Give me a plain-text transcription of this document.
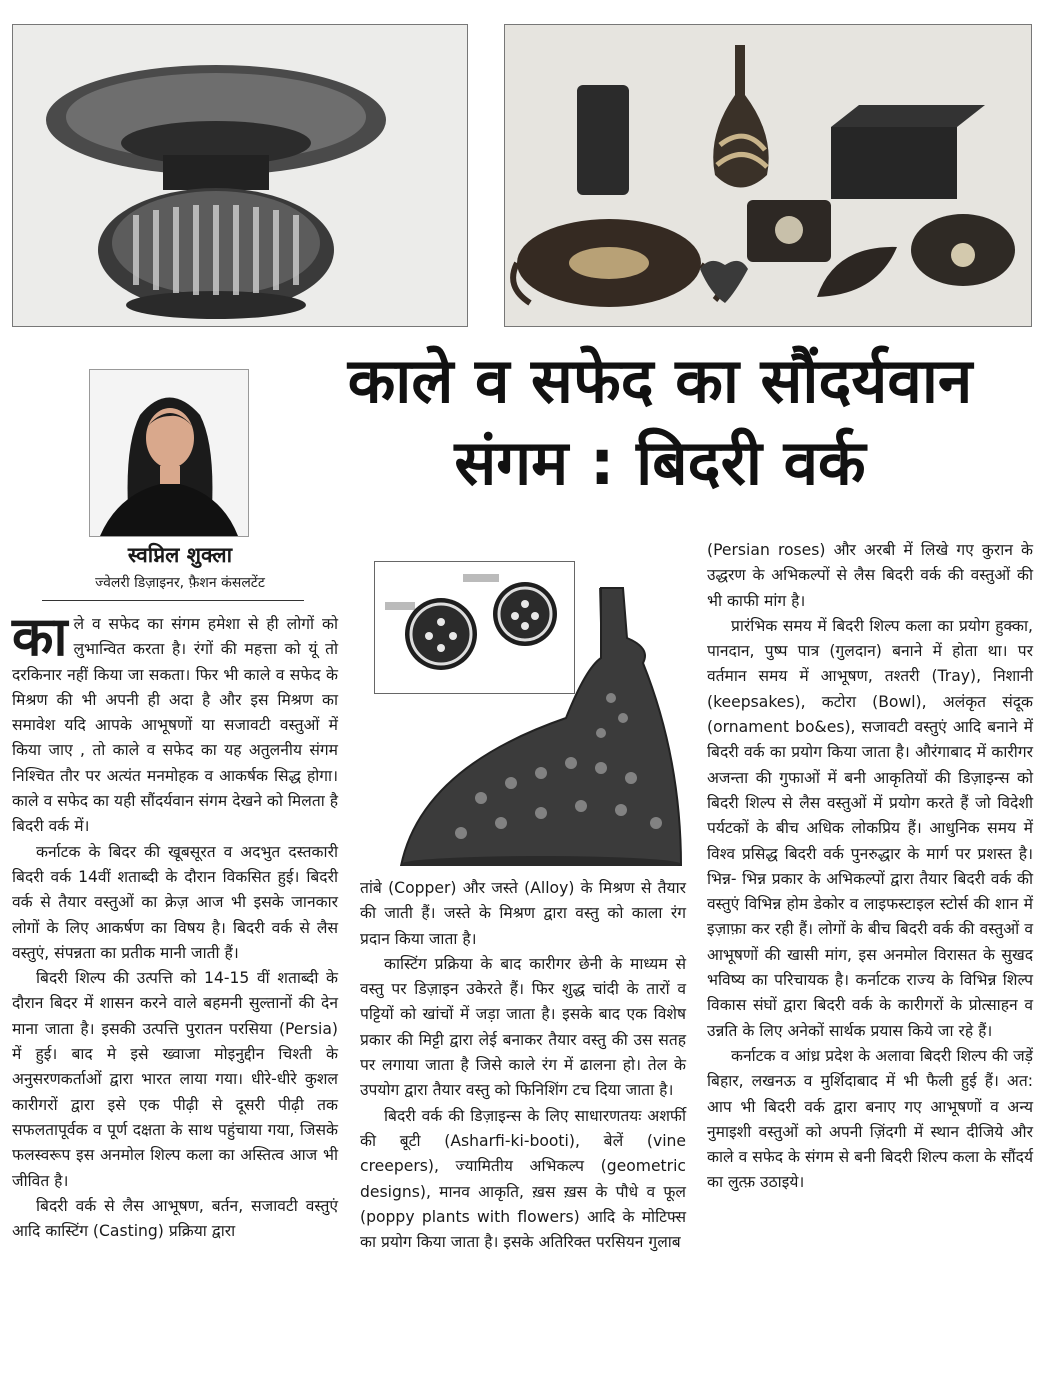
काले व सफेद का सौंदर्यवान
संगम : बिदरी वर्क
स्वप्निल शुक्ला
ज्वेलरी डिज़ाइनर, फ़ैशन कंसलटेंट

काले व सफेद का संगम हमेशा से ही लोगों को लुभान्वित करता है। रंगों की महत्ता को यूं तो दरकिनार नहीं किया जा सकता। फिर भी काले व सफेद के मिश्रण की भी अपनी ही अदा है और इस मिश्रण का समावेश यदि आपके आभूषणों या सजावटी वस्तुओं में किया जाए , तो काले व सफेद का यह अतुलनीय संगम निश्चित तौर पर अत्यंत मनमोहक व आकर्षक सिद्ध होगा। काले व सफेद का यही सौंदर्यवान संगम देखने को मिलता है बिदरी वर्क में।

कर्नाटक के बिदर की खूबसूरत व अदभुत दस्तकारी बिदरी वर्क 14वीं शताब्दी के दौरान विकसित हुई। बिदरी वर्क से तैयार वस्तुओं का क्रेज़ आज भी इसके जानकार लोगों के लिए आकर्षण का विषय है। बिदरी वर्क से लैस वस्तुएं, संपन्नता का प्रतीक मानी जाती हैं।

बिदरी शिल्प की उत्पत्ति को 14-15 वीं शताब्दी के दौरान बिदर में शासन करने वाले बहमनी सुल्तानों की देन माना जाता है। इसकी उत्पत्ति पुरातन परसिया (Persia) में हुई। बाद मे इसे ख्वाजा मोइनुद्दीन चिश्ती के अनुसरणकर्ताओं द्वारा भारत लाया गया। धीरे-धीरे कुशल कारीगरों द्वारा इसे एक पीढ़ी से दूसरी पीढ़ी तक सफलतापूर्वक व पूर्ण दक्षता के साथ पहुंचाया गया, जिसके फलस्वरूप इस अनमोल शिल्प कला का अस्तित्व आज भी जीवित है।

बिदरी वर्क से लैस आभूषण, बर्तन, सजावटी वस्तुएं आदि कास्टिंग (Casting) प्रक्रिया द्वारा

तांबे (Copper) और जस्ते (Alloy) के मिश्रण से तैयार की जाती हैं। जस्ते के मिश्रण द्वारा वस्तु को काला रंग प्रदान किया जाता है।

कास्टिंग प्रक्रिया के बाद कारीगर छेनी के माध्यम से वस्तु पर डिज़ाइन उकेरते हैं। फिर शुद्ध चांदी के तारों व पट्टियों को खांचों में जड़ा जाता है। इसके बाद एक विशेष प्रकार की मिट्टी द्वारा लेई बनाकर तैयार वस्तु की उस सतह पर लगाया जाता है जिसे काले रंग में ढालना हो। तेल के उपयोग द्वारा तैयार वस्तु को फिनिशिंग टच दिया जाता है।

बिदरी वर्क की डिज़ाइन्स के लिए साधारणतयः अशर्फी की बूटी (Asharfi-ki-booti), बेलें (vine creepers), ज्यामितीय अभिकल्प (geometric designs), मानव आकृति, ख़स ख़स के पौधे व फूल (poppy plants with flowers) आदि के मोटिफ्स का प्रयोग किया जाता है। इसके अतिरिक्त परसियन गुलाब

(Persian roses) और अरबी में लिखे गए कुरान के उद्धरण के अभिकल्पों से लैस बिदरी वर्क की वस्तुओं की भी काफी मांग है।

प्रारंभिक समय में बिदरी शिल्प कला का प्रयोग हुक्का, पानदान, पुष्प पात्र (गुलदान) बनाने में होता था। पर वर्तमान समय में आभूषण, तश्तरी (Tray), निशानी (keepsakes), कटोरा (Bowl), अलंकृत संदूक (ornament bo&es), सजावटी वस्तुएं आदि बनाने में बिदरी वर्क का प्रयोग किया जाता है। औरंगाबाद में कारीगर अजन्ता की गुफाओं में बनी आकृतियों की डिज़ाइन्स को बिदरी शिल्प से लैस वस्तुओं में प्रयोग करते हैं जो विदेशी पर्यटकों के बीच अधिक लोकप्रिय हैं। आधुनिक समय में विश्व प्रसिद्ध बिदरी वर्क पुनरुद्धार के मार्ग पर प्रशस्त है। भिन्न- भिन्न प्रकार के अभिकल्पों द्वारा तैयार बिदरी वर्क की वस्तुएं विभिन्न होम डेकोर व लाइफस्टाइल स्टोर्स की शान में इज़ाफ़ा कर रही हैं। लोगों के बीच बिदरी वर्क की वस्तुओं व आभूषणों की खासी मांग, इस अनमोल विरासत के सुखद भविष्य का परिचायक है। कर्नाटक राज्य के विभिन्न शिल्प विकास संघों द्वारा बिदरी वर्क के कारीगरों के प्रोत्साहन व उन्नति के लिए अनेकों सार्थक प्रयास किये जा रहे हैं।

कर्नाटक व आंध्र प्रदेश के अलावा बिदरी शिल्प की जड़ें बिहार, लखनऊ व मुर्शिदाबाद में भी फैली हुई हैं। अत: आप भी बिदरी वर्क द्वारा बनाए गए आभूषणों व अन्य नुमाइशी वस्तुओं को अपनी ज़िंदगी में स्थान दीजिये और काले व सफेद के संगम से बनी बिदरी शिल्प कला के सौंदर्य का लुत्फ़ उठाइये।
